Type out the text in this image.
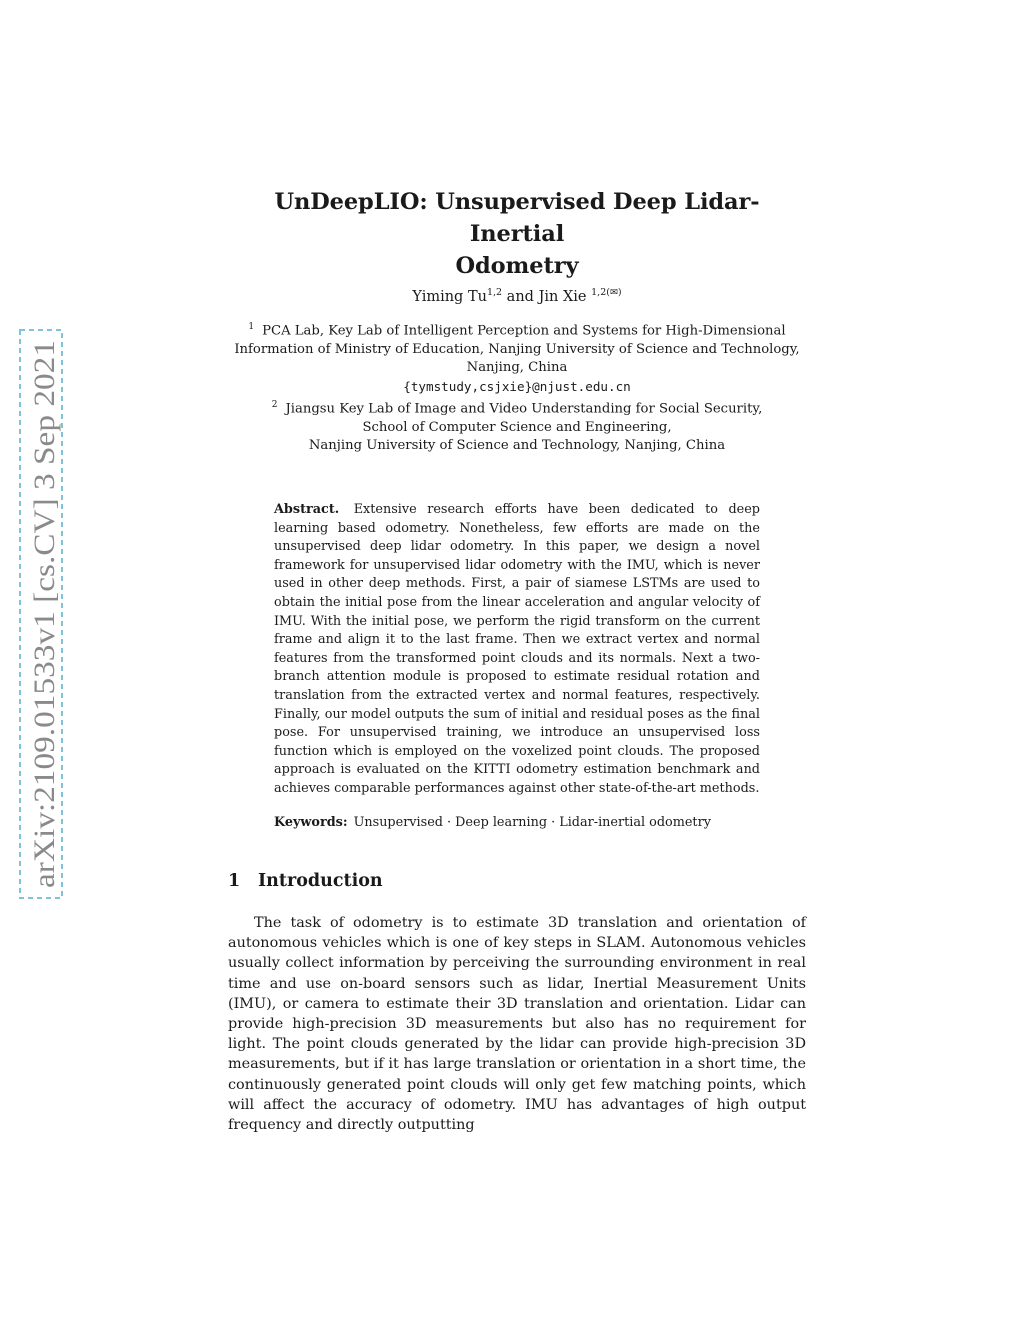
arXiv:2109.01533v1 [cs.CV] 3 Sep 2021
UnDeepLIO: Unsupervised Deep Lidar-Inertial
Odometry
Yiming Tu$^{1,2}$ and Jin Xie $^{1,2(✉)}$
$^1$ PCA Lab, Key Lab of Intelligent Perception and Systems for High-Dimensional
Information of Ministry of Education, Nanjing University of Science and Technology,
Nanjing, China
{tymstudy,csjxie}@njust.edu.cn
$^2$ Jiangsu Key Lab of Image and Video Understanding for Social Security,
School of Computer Science and Engineering,
Nanjing University of Science and Technology, Nanjing, China
Abstract. Extensive research efforts have been dedicated to deep learning based odometry. Nonetheless, few efforts are made on the unsupervised deep lidar odometry. In this paper, we design a novel framework for unsupervised lidar odometry with the IMU, which is never used in other deep methods. First, a pair of siamese LSTMs are used to obtain the initial pose from the linear acceleration and angular velocity of IMU. With the initial pose, we perform the rigid transform on the current frame and align it to the last frame. Then we extract vertex and normal features from the transformed point clouds and its normals. Next a two-branch attention module is proposed to estimate residual rotation and translation from the extracted vertex and normal features, respectively. Finally, our model outputs the sum of initial and residual poses as the final pose. For unsupervised training, we introduce an unsupervised loss function which is employed on the voxelized point clouds. The proposed approach is evaluated on the KITTI odometry estimation benchmark and achieves comparable performances against other state-of-the-art methods.
Keywords: Unsupervised · Deep learning · Lidar-inertial odometry
1 Introduction
The task of odometry is to estimate 3D translation and orientation of autonomous vehicles which is one of key steps in SLAM. Autonomous vehicles usually collect information by perceiving the surrounding environment in real time and use on-board sensors such as lidar, Inertial Measurement Units (IMU), or camera to estimate their 3D translation and orientation. Lidar can provide high-precision 3D measurements but also has no requirement for light. The point clouds generated by the lidar can provide high-precision 3D measurements, but if it has large translation or orientation in a short time, the continuously generated point clouds will only get few matching points, which will affect the accuracy of odometry. IMU has advantages of high output frequency and directly outputting
